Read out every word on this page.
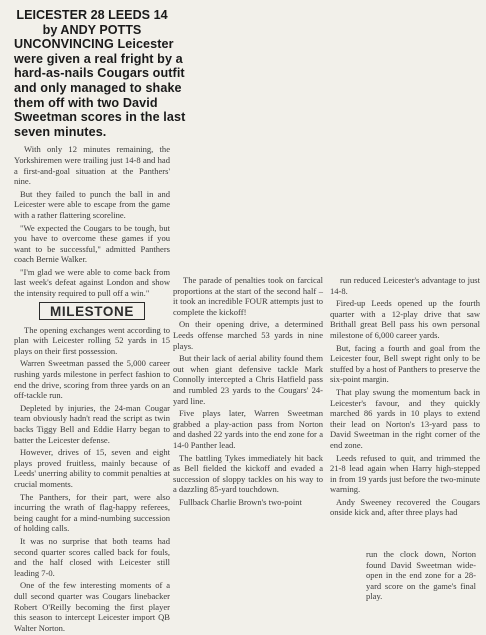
LEICESTER 28 LEEDS 14
by ANDY POTTS
UNCONVINCING Leicester
were given a real fright by a
hard-as-nails Cougars outfit
and only managed to shake
them off with two David
Sweetman scores in the last
seven minutes.

With only 12 minutes remaining, the Yorkshiremen were trailing just 14-8 and had a first-and-goal situation at the Panthers' nine.

But they failed to punch the ball in and Leicester were able to escape from the game with a rather flattering scoreline.

"We expected the Cougars to be tough, but you have to overcome these games if you want to be successful," admitted Panthers coach Bernie Walker.

"I'm glad we were able to come back from last week's defeat against London and show the intensity required to pull off a win."

MILESTONE

The opening exchanges went according to plan with Leicester rolling 52 yards in 15 plays on their first possession.

Warren Sweetman passed the 5,000 career rushing yards milestone in perfect fashion to end the drive, scoring from three yards on an off-tackle run.

Depleted by injuries, the 24-man Cougar team obviously hadn't read the script as twin backs Tiggy Bell and Eddie Harry began to batter the Leicester defense.

However, drives of 15, seven and eight plays proved fruitless, mainly because of Leeds' unerring ability to commit penalties at crucial moments.

The Panthers, for their part, were also incurring the wrath of flag-happy referees, being caught for a mind-numbing succession of holding calls.

It was no surprise that both teams had second quarter scores called back for fouls, and the half closed with Leicester still leading 7-0.

One of the few interesting moments of a dull second quarter was Cougars linebacker Robert O'Reilly becoming the first player this season to intercept Leicester import QB Walter Norton.

The parade of penalties took on farcical proportions at the start of the second half – it took an incredible FOUR attempts just to complete the kickoff!

On their opening drive, a determined Leeds offense marched 53 yards in nine plays.

But their lack of aerial ability found them out when giant defensive tackle Mark Connolly intercepted a Chris Hatfield pass and rumbled 23 yards to the Cougars' 24-yard line.

Five plays later, Warren Sweetman grabbed a play-action pass from Norton and dashed 22 yards into the end zone for a 14-0 Panther lead.

The battling Tykes immediately hit back as Bell fielded the kickoff and evaded a succession of sloppy tackles on his way to a dazzling 85-yard touchdown.

Fullback Charlie Brown's two-point

run reduced Leicester's advantage to just 14-8.

Fired-up Leeds opened up the fourth quarter with a 12-play drive that saw Brithall great Bell pass his own personal milestone of 6,000 career yards.

But, facing a fourth and goal from the Leicester four, Bell swept right only to be stuffed by a host of Panthers to preserve the six-point margin.

That play swung the momentum back in Leicester's favour, and they quickly marched 86 yards in 10 plays to extend their lead on Norton's 13-yard pass to David Sweetman in the right corner of the end zone.

Leeds refused to quit, and trimmed the 21-8 lead again when Harry high-stepped in from 19 yards just before the two-minute warning.

Andy Sweeney recovered the Cougars onside kick and, after three plays had

run the clock down, Norton found David Sweetman wide-open in the end zone for a 28-yard score on the game's final play.
